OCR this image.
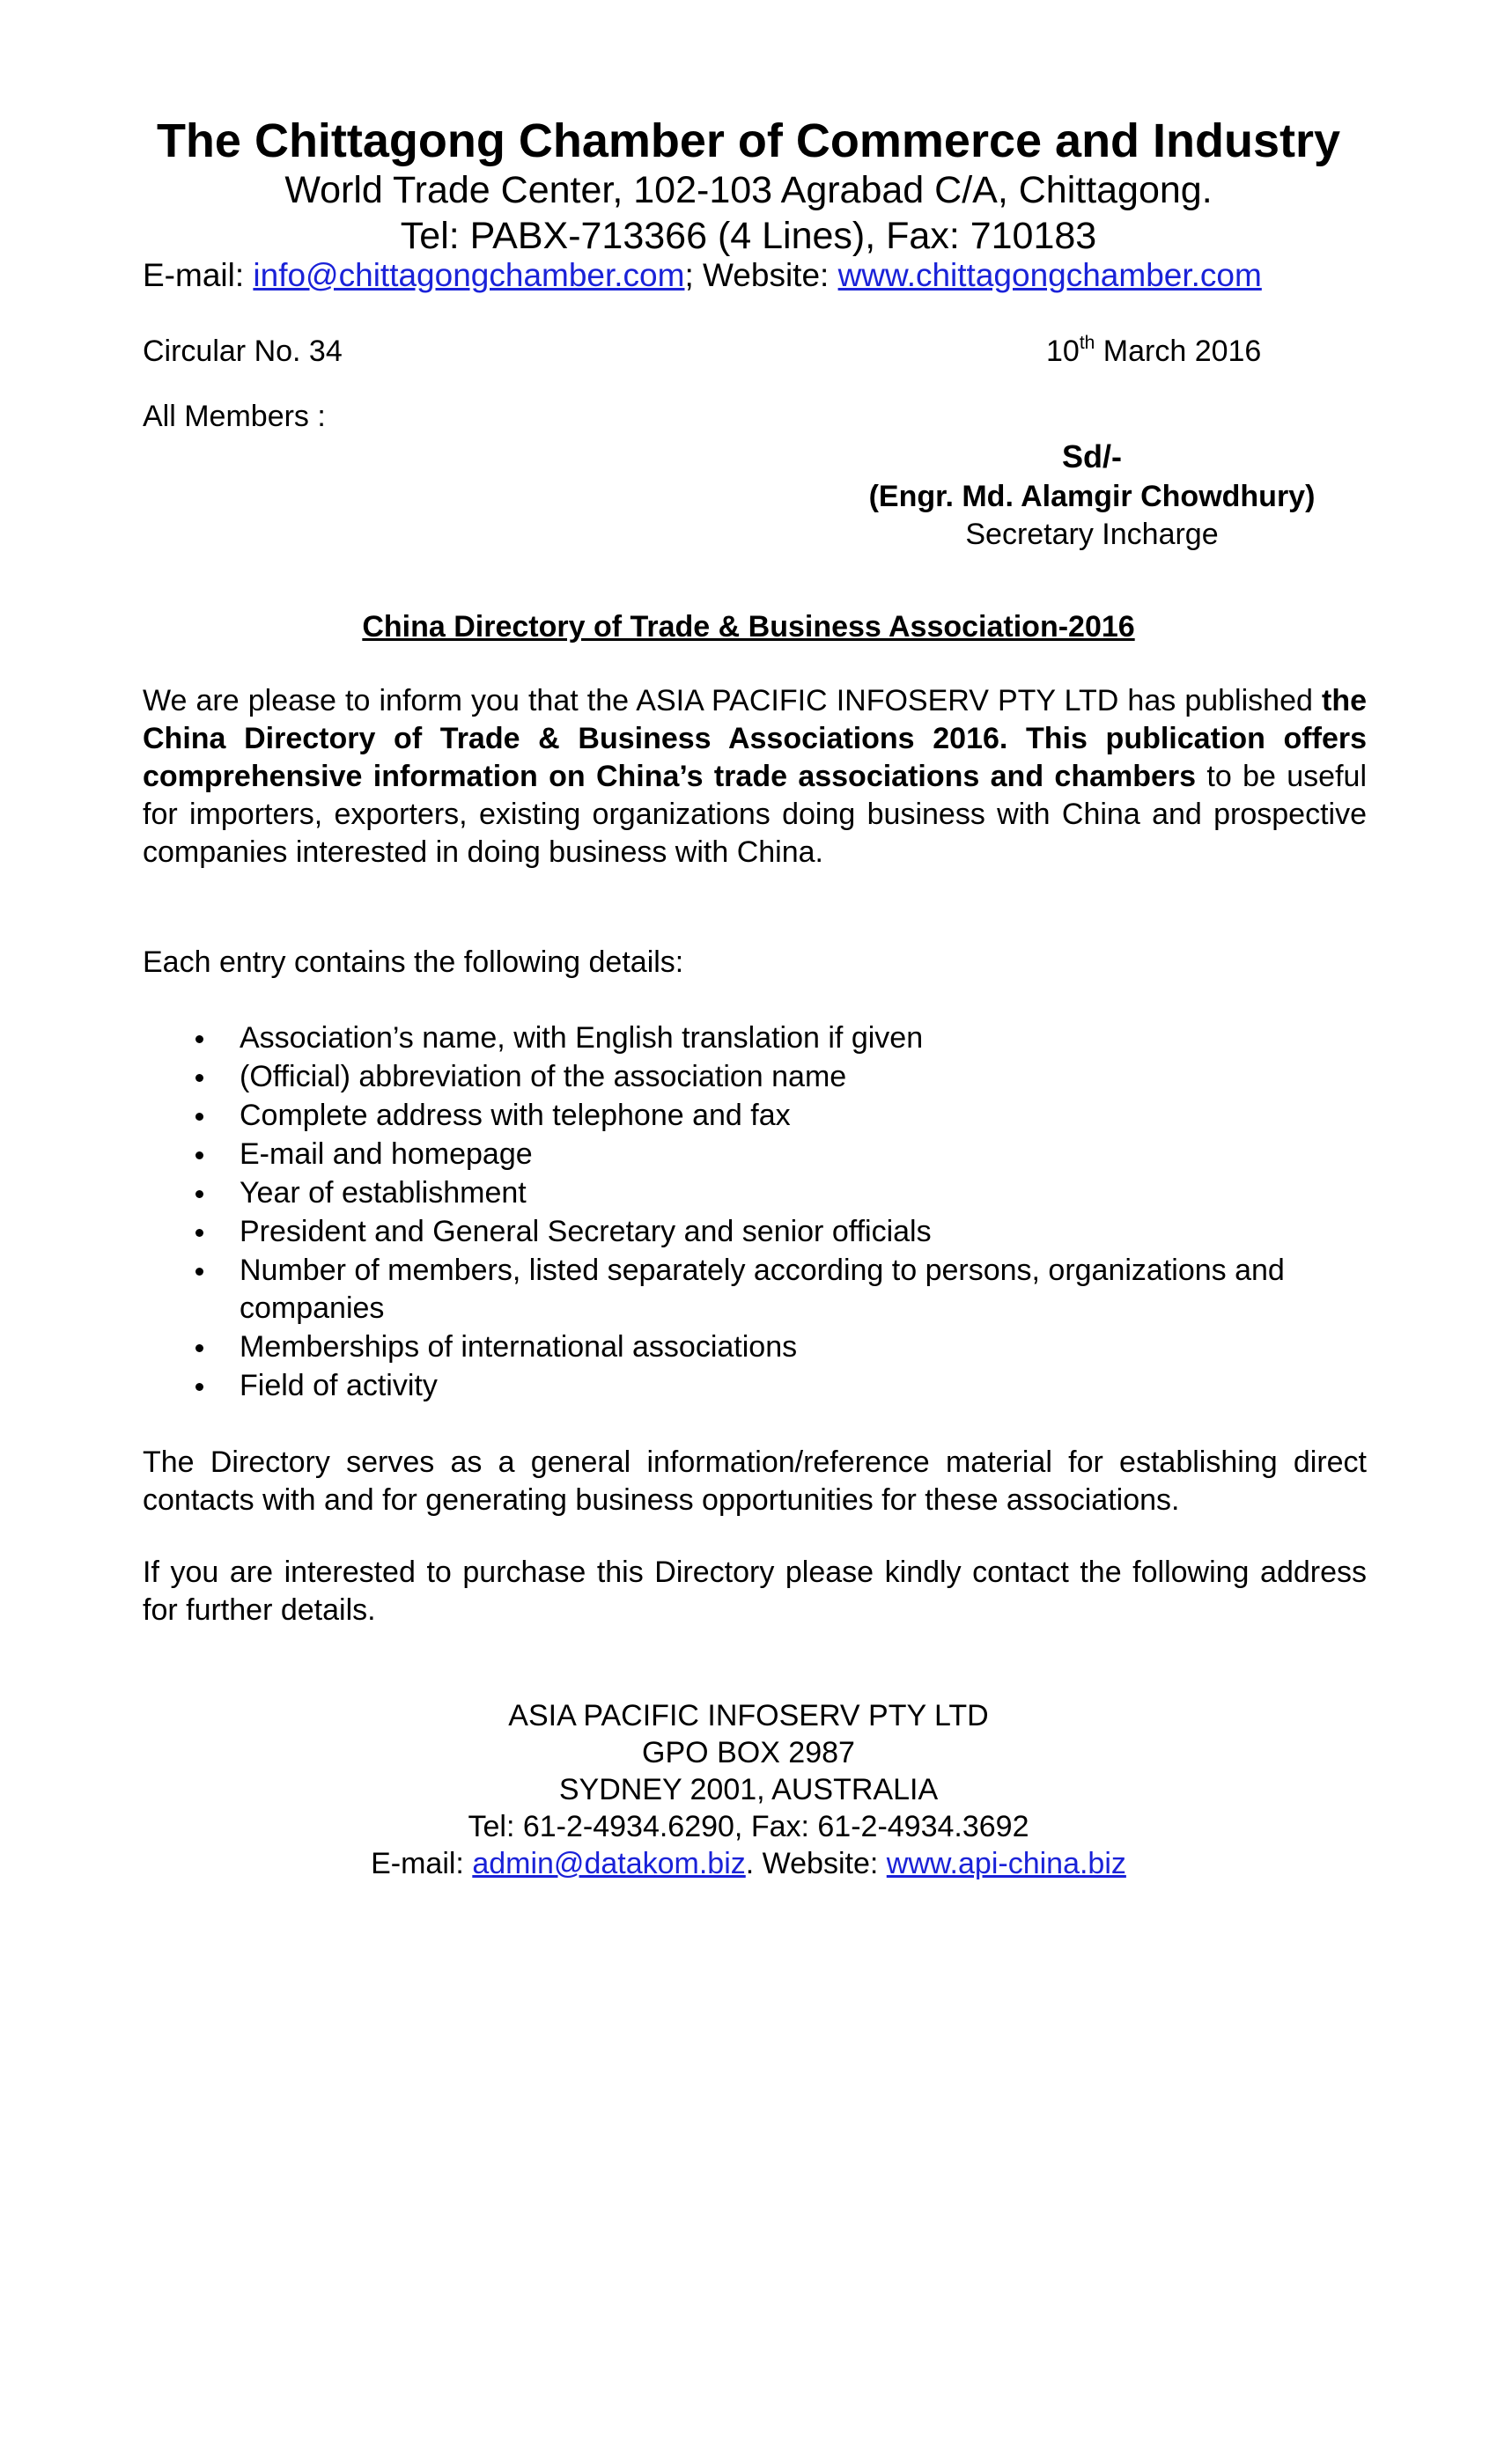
The Chittagong Chamber of Commerce and Industry
World Trade Center, 102-103 Agrabad C/A, Chittagong.
Tel: PABX-713366 (4 Lines), Fax: 710183
E-mail: info@chittagongchamber.com; Website: www.chittagongchamber.com
Circular No. 34	10th March 2016
All Members :
Sd/-
(Engr. Md. Alamgir Chowdhury)
Secretary Incharge
China Directory of Trade & Business Association-2016
We are please to inform you that the ASIA PACIFIC INFOSERV PTY LTD has published the China Directory of Trade & Business Associations 2016. This publication offers comprehensive information on China’s trade associations and chambers to be useful for importers, exporters, existing organizations doing business with China and prospective companies interested in doing business with China.
Each entry contains the following details:
Association’s name, with English translation if given
(Official) abbreviation of the association name
Complete address with telephone and fax
E-mail and homepage
Year of establishment
President and General Secretary and senior officials
Number of members, listed separately according to persons, organizations and companies
Memberships of international associations
Field of activity
The Directory serves as a general information/reference material for establishing direct contacts with and for generating business opportunities for these associations.
If you are interested to purchase this Directory please kindly contact the following address for further details.
ASIA PACIFIC INFOSERV PTY LTD
GPO BOX 2987
SYDNEY 2001, AUSTRALIA
Tel: 61-2-4934.6290, Fax: 61-2-4934.3692
E-mail: admin@datakom.biz. Website: www.api-china.biz
